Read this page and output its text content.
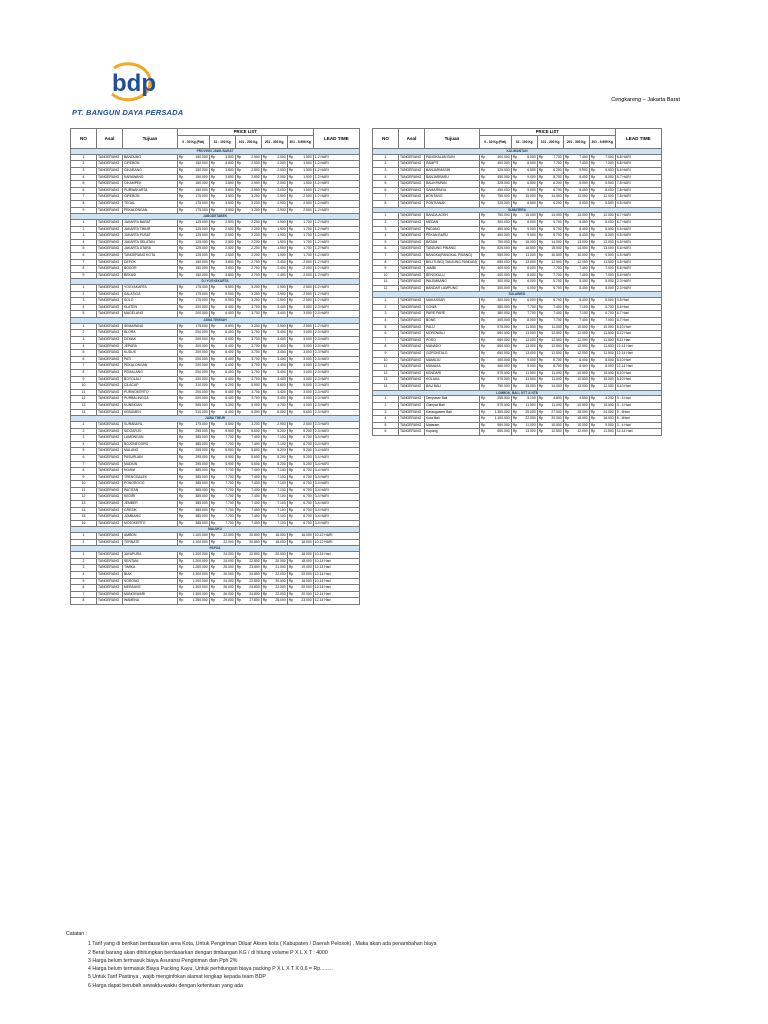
bdp
PT. BANGUN DAYA PERSADA
Cengkareng – Jakarta Barat
NO	Asal	Tujuan	PRICE LIST					LEAD TIME
			0 - 30 Kg (Flat)	31 - 100 Kg	101 - 200 Kg	201 - 300 Kg	301 - 9.999 Kg	
PROVINSI JAWA BARAT								
1	TANGERANG	BANDUNG	Rp 150.000	Rp 3.800	Rp 2.500	Rp 2.000	Rp 1.500	1-2 HARI
2	TANGERANG	CIREBON	Rp 150.000	Rp 3.800	Rp 2.500	Rp 2.000	Rp 1.500	1-2 HARI
3	TANGERANG	CIKARANG	Rp 150.000	Rp 3.800	Rp 2.500	Rp 2.000	Rp 1.500	1-2 HARI
4	TANGERANG	KARAWANG	Rp 150.000	Rp 3.800	Rp 2.500	Rp 2.000	Rp 1.500	1-2 HARI
5	TANGERANG	CIKAMPEK	Rp 150.000	Rp 3.800	Rp 2.500	Rp 2.000	Rp 1.500	1-2 HARI
6	TANGERANG	PURWAKARTA	Rp 150.000	Rp 3.800	Rp 2.500	Rp 2.000	Rp 1.500	1-2 HARI
7	TANGERANG	CIREBON	Rp 175.000	Rp 3.500	Rp 3.200	Rp 2.900	Rp 2.500	1-2 HARI
8	TANGERANG	TEGAL	Rp 175.000	Rp 3.500	Rp 3.200	Rp 2.900	Rp 2.500	1-2 HARI
9	TANGERANG	PEKALONGAN	Rp 175.000	Rp 3.500	Rp 3.200	Rp 2.900	Rp 2.500	1-2 HARI
JABODETABEK								
1	TANGERANG	JAKARTA BARAT	Rp 125.000	Rp 2.500	Rp 2.200	Rp 1.900	Rp 1.700	1-2 HARI
2	TANGERANG	JAKARTA TIMUR	Rp 125.000	Rp 2.500	Rp 2.200	Rp 1.900	Rp 1.700	1-2 HARI
3	TANGERANG	JAKARTA PUSAT	Rp 125.000	Rp 2.500	Rp 2.200	Rp 1.900	Rp 1.700	1-2 HARI
4	TANGERANG	JAKARTA SELATAN	Rp 125.000	Rp 2.500	Rp 2.200	Rp 1.900	Rp 1.700	1-2 HARI
5	TANGERANG	JAKARTA UTARA	Rp 125.000	Rp 2.500	Rp 2.200	Rp 1.900	Rp 1.700	1-2 HARI
6	TANGERANG	TANGERANG KOTA	Rp 125.000	Rp 2.500	Rp 2.200	Rp 1.900	Rp 1.700	1-2 HARI
7	TANGERANG	DEPOK	Rp 150.000	Rp 3.800	Rp 2.700	Rp 2.400	Rp 2.000	1-2 HARI
8	TANGERANG	BOGOR	Rp 150.000	Rp 3.800	Rp 2.700	Rp 2.400	Rp 2.000	1-2 HARI
9	TANGERANG	BEKASI	Rp 150.000	Rp 3.800	Rp 2.700	Rp 2.400	Rp 2.000	1-2 HARI
D.I YOGYAKARTA								
1	TANGERANG	YOGYAKARTA	Rp 175.000	Rp 5.500	Rp 3.200	Rp 2.900	Rp 2.500	1-2 HARI
2	TANGERANG	SALATIGA	Rp 175.000	Rp 5.500	Rp 3.200	Rp 2.900	Rp 2.500	1-2 HARI
3	TANGERANG	SOLO	Rp 175.000	Rp 5.500	Rp 3.200	Rp 2.900	Rp 2.500	1-2 HARI
4	TANGERANG	KLATEN	Rp 200.000	Rp 6.400	Rp 3.700	Rp 3.400	Rp 3.000	2-3 HARI
5	TANGERANG	MAGELANG	Rp 200.000	Rp 6.400	Rp 3.700	Rp 3.400	Rp 3.000	2-3 HARI
JAWA TENGAH								
1	TANGERANG	SEMARANG	Rp 175.000	Rp 5.500	Rp 3.200	Rp 2.900	Rp 2.500	1-2 HARI
2	TANGERANG	BLORA	Rp 200.000	Rp 6.400	Rp 3.700	Rp 3.400	Rp 3.000	2-3 HARI
3	TANGERANG	DEMAK	Rp 200.000	Rp 6.400	Rp 3.700	Rp 3.400	Rp 3.000	2-3 HARI
4	TANGERANG	JEPARA	Rp 200.000	Rp 6.400	Rp 3.700	Rp 3.400	Rp 3.000	2-3 HARI
5	TANGERANG	KUDUS	Rp 200.000	Rp 6.400	Rp 3.700	Rp 3.400	Rp 3.000	2-3 HARI
6	TANGERANG	PATI	Rp 200.000	Rp 6.400	Rp 3.700	Rp 3.400	Rp 3.000	2-3 HARI
7	TANGERANG	PEKALONGAN	Rp 200.000	Rp 6.400	Rp 3.700	Rp 3.400	Rp 3.000	2-3 HARI
8	TANGERANG	PEMALANG	Rp 200.000	Rp 6.400	Rp 3.700	Rp 3.400	Rp 3.000	2-3 HARI
9	TANGERANG	BOYOLALI	Rp 200.000	Rp 6.400	Rp 3.700	Rp 3.400	Rp 3.000	2-3 HARI
10	TANGERANG	CILACAP	Rp 310.000	Rp 6.200	Rp 5.900	Rp 5.600	Rp 5.000	2-3 HARI
11	TANGERANG	PURWOKERTO	Rp 200.000	Rp 6.400	Rp 3.700	Rp 3.400	Rp 3.000	2-3 HARI
12	TANGERANG	PURBALINGGA	Rp 200.000	Rp 6.400	Rp 3.700	Rp 3.400	Rp 3.000	2-3 HARI
13	TANGERANG	KUNINGAN	Rp 265.000	Rp 5.300	Rp 5.000	Rp 4.700	Rp 4.000	2-3 HARI
14	TANGERANG	KEBUMEN	Rp 310.000	Rp 6.400	Rp 6.000	Rp 6.000	Rp 5.600	2-3 HARI
JAWA TIMUR								
1	TANGERANG	SURABAYA	Rp 175.000	Rp 5.500	Rp 3.200	Rp 2.900	Rp 2.500	2-3 HARI
2	TANGERANG	SIDOARJO	Rp 295.000	Rp 5.900	Rp 5.600	Rp 5.200	Rp 5.200	2-3 HARI
3	TANGERANG	LAMONGAN	Rp 385.000	Rp 7.700	Rp 7.400	Rp 7.100	Rp 6.700	3-4 HARI
4	TANGERANG	BOJONEGORO	Rp 385.000	Rp 7.700	Rp 7.400	Rp 7.100	Rp 6.700	3-4 HARI
5	TANGERANG	MALANG	Rp 295.000	Rp 5.900	Rp 5.600	Rp 5.200	Rp 5.200	3-4 HARI
6	TANGERANG	PASURUAN	Rp 295.000	Rp 5.900	Rp 5.600	Rp 5.200	Rp 5.200	3-4 HARI
7	TANGERANG	MADIUN	Rp 295.000	Rp 5.900	Rp 5.600	Rp 5.200	Rp 5.200	3-4 HARI
8	TANGERANG	NGAWI	Rp 385.000	Rp 7.700	Rp 7.400	Rp 7.100	Rp 6.700	3-4 HARI
9	TANGERANG	TRENGGALEK	Rp 385.000	Rp 7.700	Rp 7.400	Rp 7.100	Rp 6.700	3-4 HARI
10	TANGERANG	PONOROGO	Rp 385.000	Rp 7.700	Rp 7.400	Rp 7.100	Rp 6.700	3-4 HARI
11	TANGERANG	PACITAN	Rp 385.000	Rp 7.700	Rp 7.400	Rp 7.100	Rp 6.700	3-4 HARI
12	TANGERANG	KEDIRI	Rp 385.000	Rp 7.700	Rp 7.400	Rp 7.100	Rp 6.700	3-4 HARI
13	TANGERANG	JEMBER	Rp 385.000	Rp 7.700	Rp 7.400	Rp 7.100	Rp 6.700	3-4 HARI
14	TANGERANG	GRESIK	Rp 385.000	Rp 7.700	Rp 7.400	Rp 7.100	Rp 6.700	3-4 HARI
15	TANGERANG	JOMBANG	Rp 385.000	Rp 7.700	Rp 7.400	Rp 7.100	Rp 6.700	3-4 HARI
16	TANGERANG	MOJOKERTO	Rp 385.000	Rp 7.700	Rp 7.400	Rp 7.100	Rp 6.700	3-4 HARI
MALUKU								
1	TANGERANG	AMBON	Rp 1.100.000	Rp 22.000	Rp 20.800	Rp 18.000	Rp 16.000	10-12 HARI
2	TANGERANG	TERNATE	Rp 1.100.000	Rp 22.000	Rp 20.800	Rp 18.000	Rp 16.000	10-12 HARI
PAPUA								
1	TANGERANG	JAYAPURA	Rp 1.200.000	Rp 24.000	Rp 22.800	Rp 20.000	Rp 18.000	10-14 Hari
2	TANGERANG	SENTANI	Rp 1.200.000	Rp 24.000	Rp 22.800	Rp 20.000	Rp 18.000	10-14 Hari
3	TANGERANG	TIMIKA	Rp 1.250.000	Rp 25.000	Rp 23.800	Rp 21.000	Rp 19.000	12-14 Hari
4	TANGERANG	BIAK	Rp 1.300.000	Rp 26.000	Rp 24.800	Rp 22.000	Rp 20.000	12-14 Hari
5	TANGERANG	SORONG	Rp 1.200.000	Rp 24.000	Rp 22.800	Rp 20.000	Rp 18.000	10-14 Hari
6	TANGERANG	MERAUKE	Rp 1.300.000	Rp 26.000	Rp 24.800	Rp 22.000	Rp 20.000	12-14 Hari
7	TANGERANG	MANOKWARI	Rp 1.300.000	Rp 26.000	Rp 24.800	Rp 22.000	Rp 20.000	12-14 Hari
8	TANGERANG	WAMENA	Rp 1.350.000	Rp 29.000	Rp 27.800	Rp 25.000	Rp 23.000	12-14 Hari
NO	Asal	Tujuan	PRICE LIST					LEAD TIME
			0 - 30 Kg (Flat)	31 - 100 Kg	101 - 200 Kg	201 - 300 Kg	301 - 9.999 Kg	
KALIMANTAN								
1	TANGERANG	PANGKALAN BUN	Rp 400.000	Rp 8.000	Rp 7.700	Rp 7.400	Rp 7.000	6-8 HARI
2	TANGERANG	SAMPIT	Rp 400.000	Rp 8.000	Rp 7.700	Rp 7.400	Rp 7.000	6-8 HARI
3	TANGERANG	BANJARMASIN	Rp 325.000	Rp 6.500	Rp 6.200	Rp 5.900	Rp 5.500	5-6 HARI
4	TANGERANG	BANJARBARU	Rp 450.000	Rp 9.000	Rp 8.700	Rp 8.400	Rp 8.000	6-7 HARI
5	TANGERANG	BALIKPAPAN	Rp 325.000	Rp 6.500	Rp 6.200	Rp 5.900	Rp 5.500	7-8 HARI
6	TANGERANG	SAMARINDA	Rp 450.000	Rp 9.000	Rp 8.700	Rp 8.400	Rp 8.000	7-8 HARI
7	TANGERANG	BONTANG	Rp 750.000	Rp 15.000	Rp 14.000	Rp 13.000	Rp 12.000	7-8 HARI
8	TANGERANG	PONTIANAK	Rp 325.000	Rp 6.500	Rp 6.200	Rp 5.900	Rp 5.500	4-5 HARI
SUMATERA								
1	TANGERANG	BANDA ACEH	Rp 750.000	Rp 15.000	Rp 14.000	Rp 13.000	Rp 12.000	6-7 HARI
2	TANGERANG	MEDAN	Rp 300.000	Rp 6.000	Rp 5.700	Rp 5.400	Rp 5.000	6-7 HARI
3	TANGERANG	PADANG	Rp 450.000	Rp 9.000	Rp 8.700	Rp 8.400	Rp 8.000	4-5 HARI
4	TANGERANG	PEKAN BARU	Rp 450.000	Rp 9.000	Rp 8.700	Rp 8.400	Rp 8.000	4-5 HARI
5	TANGERANG	BATAM	Rp 750.000	Rp 15.000	Rp 14.000	Rp 13.000	Rp 12.000	4-5 HARI
6	TANGERANG	TANJUNG PINANG	Rp 825.000	Rp 16.500	Rp 15.000	Rp 14.500	Rp 13.000	5-6 HARI
7	TANGERANG	BANGKA(PANGKAL PINANG)	Rp 550.000	Rp 11.000	Rp 10.500	Rp 10.000	Rp 9.500	4-5 HARI
8	TANGERANG	BELITUNG( TANJUNG PANDAN)	Rp 650.000	Rp 13.000	Rp 12.500	Rp 12.000	Rp 11.500	4-5 HARI
9	TANGERANG	JAMBI	Rp 400.000	Rp 8.000	Rp 7.700	Rp 7.400	Rp 7.000	5-6 HARI
10	TANGERANG	BENGKULU	Rp 400.000	Rp 8.000	Rp 7.700	Rp 7.400	Rp 7.000	5-6 HARI
11	TANGERANG	PALEMBANG	Rp 300.000	Rp 6.000	Rp 5.700	Rp 5.400	Rp 5.000	2-3 HARI
12	TANGERANG	BANDAR LAMPUNG	Rp 300.000	Rp 6.000	Rp 5.700	Rp 5.400	Rp 5.000	2-3 HARI
SULAWESI								
1	TANGERANG	MAKASSAR	Rp 300.000	Rp 6.000	Rp 5.700	Rp 5.400	Rp 5.000	4-5 Hari
2	TANGERANG	GOWA	Rp 380.000	Rp 7.700	Rp 7.400	Rp 7.100	Rp 6.700	5-6 Hari
3	TANGERANG	PARE-PARE	Rp 380.000	Rp 7.700	Rp 7.400	Rp 7.100	Rp 6.700	6-7 Hari
4	TANGERANG	BONE	Rp 400.000	Rp 8.000	Rp 7.700	Rp 7.400	Rp 7.000	6-7 Hari
5	TANGERANG	PALU	Rp 575.000	Rp 11.500	Rp 11.000	Rp 10.500	Rp 10.000	8-10 Hari
6	TANGERANG	MOROWALI	Rp 650.000	Rp 13.000	Rp 12.500	Rp 12.000	Rp 11.500	8-12 Hari
7	TANGERANG	POSO	Rp 650.000	Rp 13.000	Rp 12.500	Rp 12.000	Rp 11.500	8-11 Hari
8	TANGERANG	MANADO	Rp 650.000	Rp 13.000	Rp 12.500	Rp 12.000	Rp 11.500	12-14 Hari
9	TANGERANG	GORONTALO	Rp 650.000	Rp 13.000	Rp 12.500	Rp 12.000	Rp 11.500	12-14 Hari
10	TANGERANG	MAMUJU	Rp 450.000	Rp 9.000	Rp 8.700	Rp 8.400	Rp 8.000	8-10 Hari
11	TANGERANG	MAMASA	Rp 450.000	Rp 9.000	Rp 8.700	Rp 8.400	Rp 8.000	12-14 Hari
12	TANGERANG	KENDARI	Rp 575.000	Rp 11.500	Rp 11.000	Rp 10.500	Rp 10.000	8-10 Hari
13	TANGERANG	KOLAKA	Rp 575.000	Rp 11.500	Rp 11.000	Rp 10.500	Rp 10.000	8-10 Hari
14	TANGERANG	BAU BAU	Rp 750.000	Rp 15.000	Rp 14.000	Rp 13.000	Rp 12.000	8-10 Hari
LOMBOK, BALI, NTT & NTB								
1	TANGERANG	Denpasar Bali	Rp 255.000	Rp 5.100	Rp 4.800	Rp 4.500	Rp 4.200	3 - 4 Hari
2	TANGERANG	Gianyar Bali	Rp 575.000	Rp 11.500	Rp 11.000	Rp 10.500	Rp 10.000	3 - 4 Hari
3	TANGERANG	Karangasem Bali	Rp 1.350.000	Rp 29.000	Rp 27.000	Rp 25.000	Rp 24.000	5 - 6Hari
4	TANGERANG	Kuta Bali	Rp 1.100.000	Rp 22.000	Rp 20.000	Rp 18.000	Rp 16.000	5 - 6Hari
5	TANGERANG	Mataram	Rp 550.000	Rp 11.000	Rp 10.500	Rp 10.000	Rp 9.500	3 - 4 Hari
6	TANGERANG	Kupang	Rp 650.000	Rp 13.000	Rp 12.500	Rp 12.000	Rp 11.500	12-14 Hari
Catatan :
1 Tarif yang di berikan berdasarkan area Kota, Untuk Pengiriman Diluar Akses kota ( Kabupaten / Daerah Pelosok) , Maka akan ada penambahan biaya
2 Berat barang akan dihitungkan berdasarkan dengan timbangan KG / di hitung volume P X L X T : 4000
3 Harga belum termasuk biaya Asuransi Pengiriman dan Pph 2%
4 Harga belum termasuk Biaya Packing Kayu, Untuk perhitungan biaya packing P X L X T X 0,6 = Rp.........
5 Untuk Tarif Pastinya , wajib menginfokan alamat lengkap kepada team BDP
6 Harga dapat berubah sewaktu-waktu dengan ketentuan yang ada
